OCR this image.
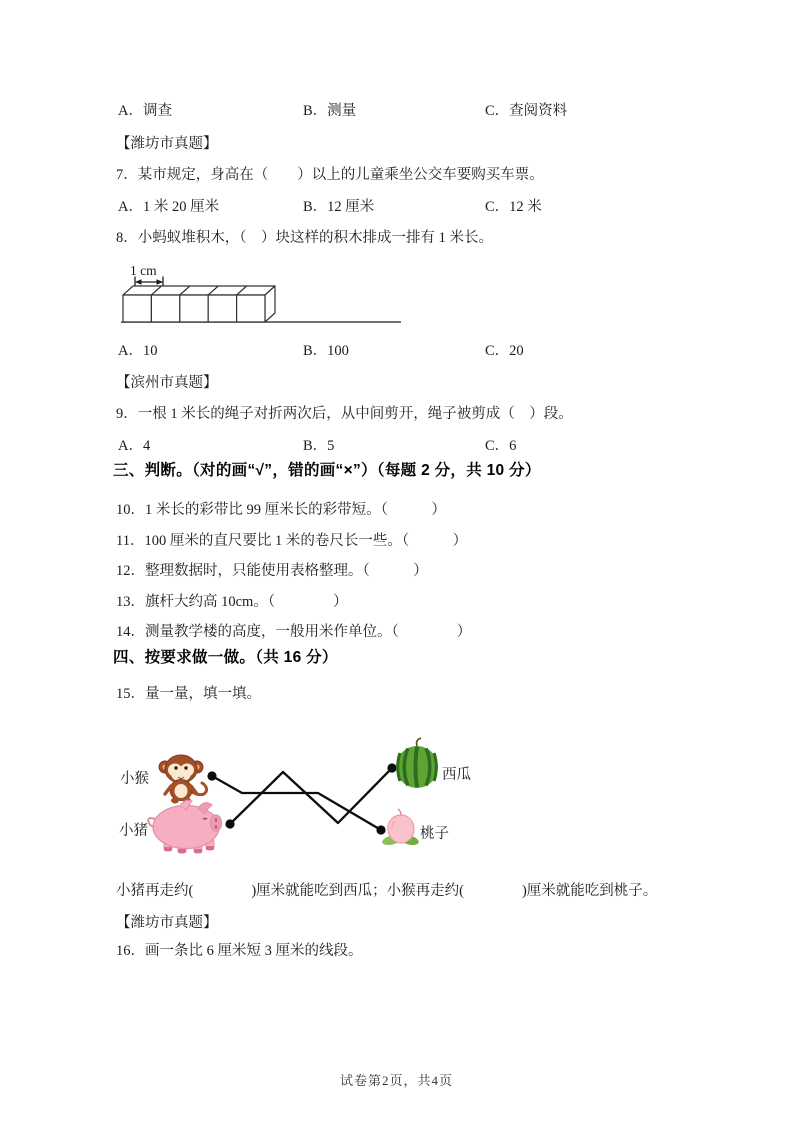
A．调查	B．测量	C．查阅资料
【潍坊市真题】
7．某市规定，身高在（　　）以上的儿童乘坐公交车要购买车票。
A．1 米 20 厘米	B．12 厘米	C．12 米
8．小蚂蚁堆积木，（　）块这样的积木排成一排有 1 米长。
1 cm
A．10	B．100	C．20
【滨州市真题】
9．一根 1 米长的绳子对折两次后，从中间剪开，绳子被剪成（　）段。
A．4	B．5	C．6
三、判断。（对的画“√”，错的画“×”）（每题 2 分，共 10 分）
10．1 米长的彩带比 99 厘米长的彩带短。（　　　）
11．100 厘米的直尺要比 1 米的卷尺长一些。（　　　）
12．整理数据时，只能使用表格整理。（　　　）
13．旗杆大约高 10cm。（　　　　）
14．测量教学楼的高度，一般用米作单位。（　　　　）
四、按要求做一做。（共 16 分）
15．量一量，填一填。
小猴
小猪
西瓜
桃子
小猪再走约(　　　　)厘米就能吃到西瓜；小猴再走约(　　　　)厘米就能吃到桃子。
【潍坊市真题】
16．画一条比 6 厘米短 3 厘米的线段。
试卷第2页，共4页
